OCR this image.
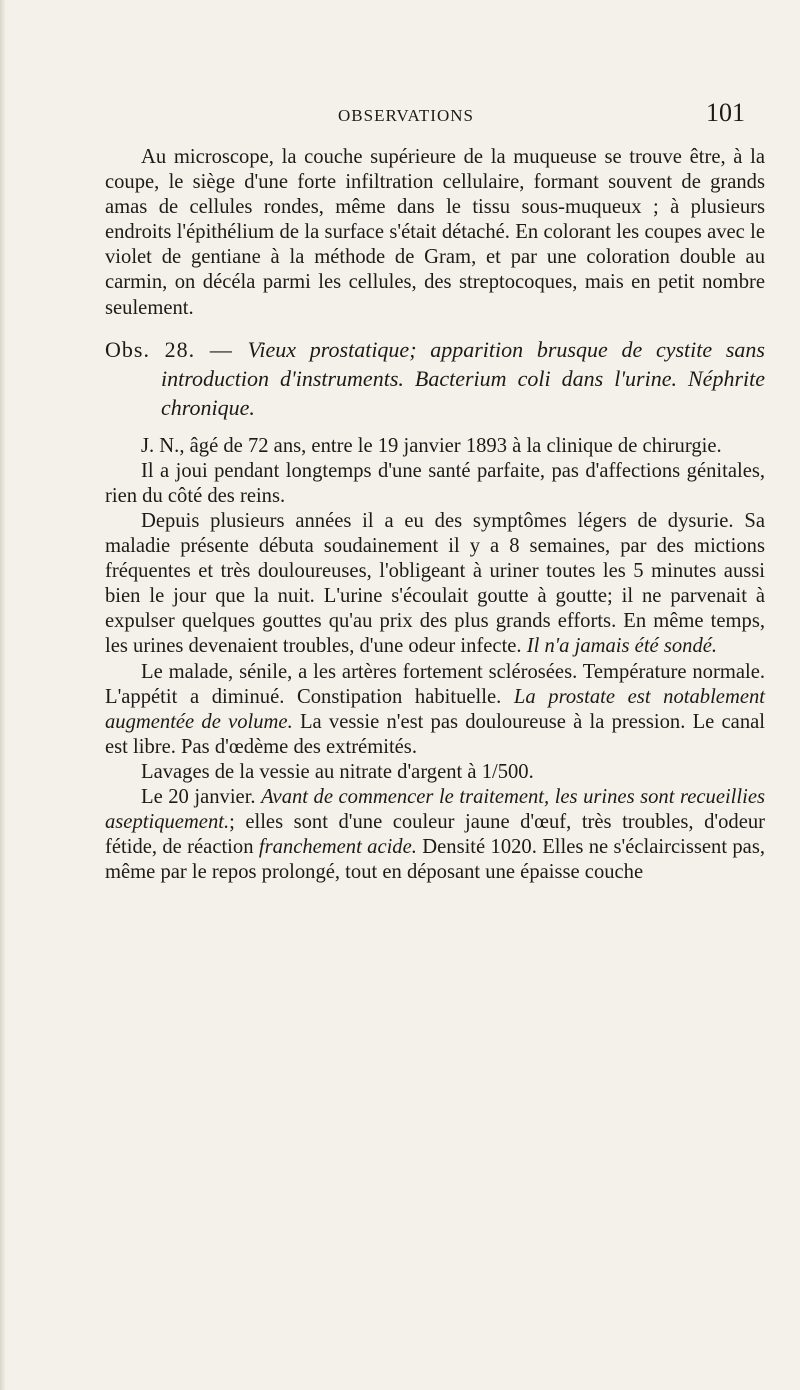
OBSERVATIONS	101

Au microscope, la couche supérieure de la muqueuse se trouve être, à la coupe, le siège d'une forte infiltration cellulaire, formant souvent de grands amas de cellules rondes, même dans le tissu sous-muqueux ; à plusieurs endroits l'épithélium de la surface s'était détaché. En colorant les coupes avec le violet de gentiane à la méthode de Gram, et par une coloration double au carmin, on décéla parmi les cellules, des streptocoques, mais en petit nombre seulement.

Obs. 28. — Vieux prostatique; apparition brusque de cystite sans introduction d'instruments. Bacterium coli dans l'urine. Néphrite chronique.

J. N., âgé de 72 ans, entre le 19 janvier 1893 à la clinique de chirurgie.

Il a joui pendant longtemps d'une santé parfaite, pas d'affections génitales, rien du côté des reins.

Depuis plusieurs années il a eu des symptômes légers de dysurie. Sa maladie présente débuta soudainement il y a 8 semaines, par des mictions fréquentes et très douloureuses, l'obligeant à uriner toutes les 5 minutes aussi bien le jour que la nuit. L'urine s'écoulait goutte à goutte; il ne parvenait à expulser quelques gouttes qu'au prix des plus grands efforts. En même temps, les urines devenaient troubles, d'une odeur infecte. Il n'a jamais été sondé.

Le malade, sénile, a les artères fortement sclérosées. Température normale. L'appétit a diminué. Constipation habituelle. La prostate est notablement augmentée de volume. La vessie n'est pas douloureuse à la pression. Le canal est libre. Pas d'œdème des extrémités.

Lavages de la vessie au nitrate d'argent à 1/500.

Le 20 janvier. Avant de commencer le traitement, les urines sont recueillies aseptiquement.; elles sont d'une couleur jaune d'œuf, très troubles, d'odeur fétide, de réaction franchement acide. Densité 1020. Elles ne s'éclaircissent pas, même par le repos prolongé, tout en déposant une épaisse couche
